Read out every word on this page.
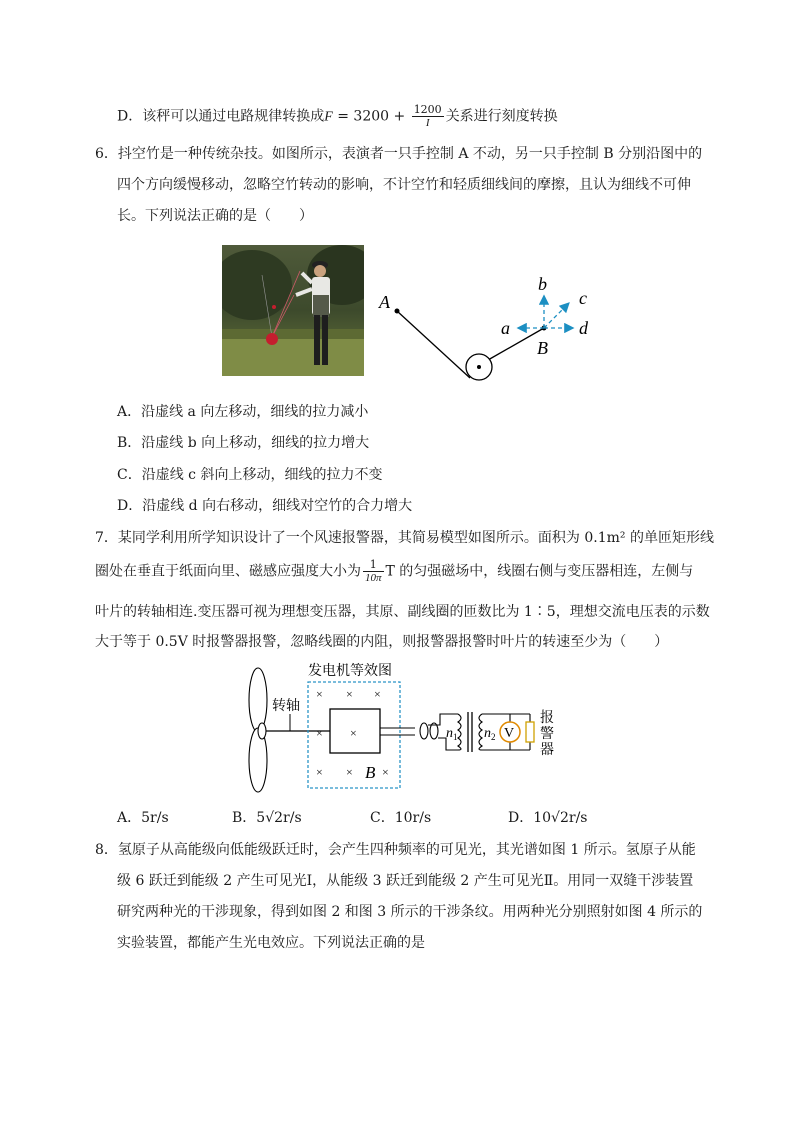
D．该秤可以通过电路规律转换成$F = 3200 + \frac{1200}{I}$ 关系进行刻度转换
6．抖空竹是一种传统杂技。如图所示，表演者一只手控制 A 不动，另一只手控制 B 分别沿图中的
四个方向缓慢移动，忽略空竹转动的影响，不计空竹和轻质细线间的摩擦，且认为细线不可伸
长。下列说法正确的是（　　）
A
B
a
b
c
d
A．沿虚线 a 向左移动，细线的拉力减小
B．沿虚线 b 向上移动，细线的拉力增大
C．沿虚线 c 斜向上移动，细线的拉力不变
D．沿虚线 d 向右移动，细线对空竹的合力增大
7．某同学利用所学知识设计了一个风速报警器，其简易模型如图所示。面积为 0.1m² 的单匝矩形线
圈处在垂直于纸面向里、磁感应强度大小为 $\frac{1}{10\pi}$ T 的匀强磁场中，线圈右侧与变压器相连，左侧与
叶片的转轴相连.变压器可视为理想变压器，其原、副线圈的匝数比为 1∶5，理想交流电压表的示数
大于等于 0.5V 时报警器报警，忽略线圈的内阻，则报警器报警时叶片的转速至少为（　　）
转轴
发电机等效图
× × ×
× ×
× × ×
B
$n_1$ $n_2$ V
报
警
器
A．5r/s	B．5√2r/s	C．10r/s	D．10√2r/s
8．氢原子从高能级向低能级跃迁时，会产生四种频率的可见光，其光谱如图 1 所示。氢原子从能
级 6 跃迁到能级 2 产生可见光Ⅰ，从能级 3 跃迁到能级 2 产生可见光Ⅱ。用同一双缝干涉装置
研究两种光的干涉现象，得到如图 2 和图 3 所示的干涉条纹。用两种光分别照射如图 4 所示的
实验装置，都能产生光电效应。下列说法正确的是
